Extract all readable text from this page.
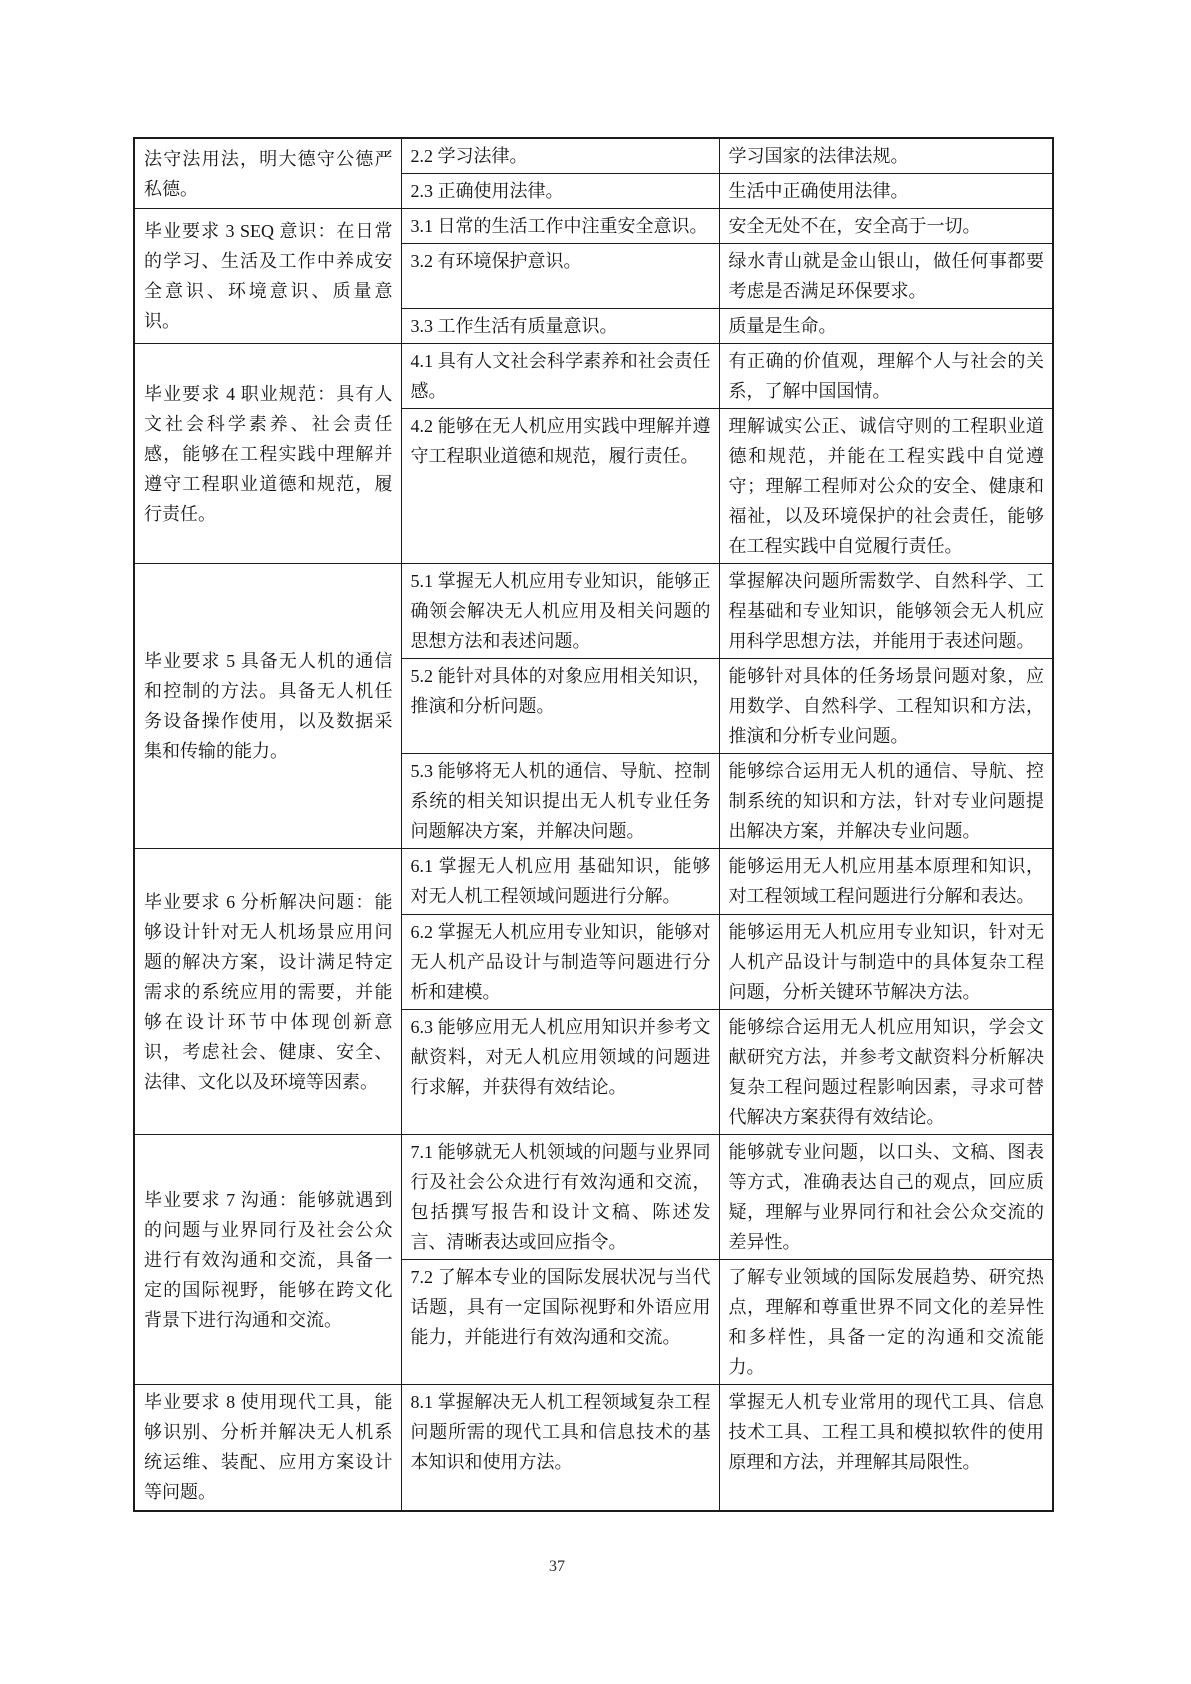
法守法用法，明大德守公德严私德。	2.2 学习法律。	学习国家的法律法规。
	2.3 正确使用法律。	生活中正确使用法律。
毕业要求 3 SEQ 意识：在日常的学习、生活及工作中养成安全意识、环境意识、质量意识。	3.1 日常的生活工作中注重安全意识。	安全无处不在，安全高于一切。
	3.2 有环境保护意识。	绿水青山就是金山银山，做任何事都要考虑是否满足环保要求。
	3.3 工作生活有质量意识。	质量是生命。
毕业要求 4 职业规范：具有人文社会科学素养、社会责任感，能够在工程实践中理解并遵守工程职业道德和规范，履行责任。	4.1 具有人文社会科学素养和社会责任感。	有正确的价值观，理解个人与社会的关系，了解中国国情。
	4.2 能够在无人机应用实践中理解并遵守工程职业道德和规范，履行责任。	理解诚实公正、诚信守则的工程职业道德和规范，并能在工程实践中自觉遵守；理解工程师对公众的安全、健康和福祉，以及环境保护的社会责任，能够在工程实践中自觉履行责任。
毕业要求 5 具备无人机的通信和控制的方法。具备无人机任务设备操作使用，以及数据采集和传输的能力。	5.1 掌握无人机应用专业知识，能够正确领会解决无人机应用及相关问题的思想方法和表述问题。	掌握解决问题所需数学、自然科学、工程基础和专业知识，能够领会无人机应用科学思想方法，并能用于表述问题。
	5.2 能针对具体的对象应用相关知识，推演和分析问题。	能够针对具体的任务场景问题对象，应用数学、自然科学、工程知识和方法，推演和分析专业问题。
	5.3 能够将无人机的通信、导航、控制系统的相关知识提出无人机专业任务问题解决方案，并解决问题。	能够综合运用无人机的通信、导航、控制系统的知识和方法，针对专业问题提出解决方案，并解决专业问题。
毕业要求 6 分析解决问题：能够设计针对无人机场景应用问题的解决方案，设计满足特定需求的系统应用的需要，并能够在设计环节中体现创新意识，考虑社会、健康、安全、法律、文化以及环境等因素。	6.1 掌握无人机应用 基础知识，能够对无人机工程领域问题进行分解。	能够运用无人机应用基本原理和知识，对工程领域工程问题进行分解和表达。
	6.2 掌握无人机应用专业知识，能够对无人机产品设计与制造等问题进行分析和建模。	能够运用无人机应用专业知识，针对无人机产品设计与制造中的具体复杂工程问题，分析关键环节解决方法。
	6.3 能够应用无人机应用知识并参考文献资料，对无人机应用领域的问题进行求解，并获得有效结论。	能够综合运用无人机应用知识，学会文献研究方法，并参考文献资料分析解决复杂工程问题过程影响因素，寻求可替代解决方案获得有效结论。
毕业要求 7 沟通：能够就遇到的问题与业界同行及社会公众进行有效沟通和交流，具备一定的国际视野，能够在跨文化背景下进行沟通和交流。	7.1 能够就无人机领域的问题与业界同行及社会公众进行有效沟通和交流，包括撰写报告和设计文稿、陈述发言、清晰表达或回应指令。	能够就专业问题，以口头、文稿、图表等方式，准确表达自己的观点，回应质疑，理解与业界同行和社会公众交流的差异性。
	7.2 了解本专业的国际发展状况与当代话题，具有一定国际视野和外语应用能力，并能进行有效沟通和交流。	了解专业领域的国际发展趋势、研究热点，理解和尊重世界不同文化的差异性和多样性，具备一定的沟通和交流能力。
毕业要求 8 使用现代工具，能够识别、分析并解决无人机系统运维、装配、应用方案设计等问题。	8.1 掌握解决无人机工程领域复杂工程问题所需的现代工具和信息技术的基本知识和使用方法。	掌握无人机专业常用的现代工具、信息技术工具、工程工具和模拟软件的使用原理和方法，并理解其局限性。
37
